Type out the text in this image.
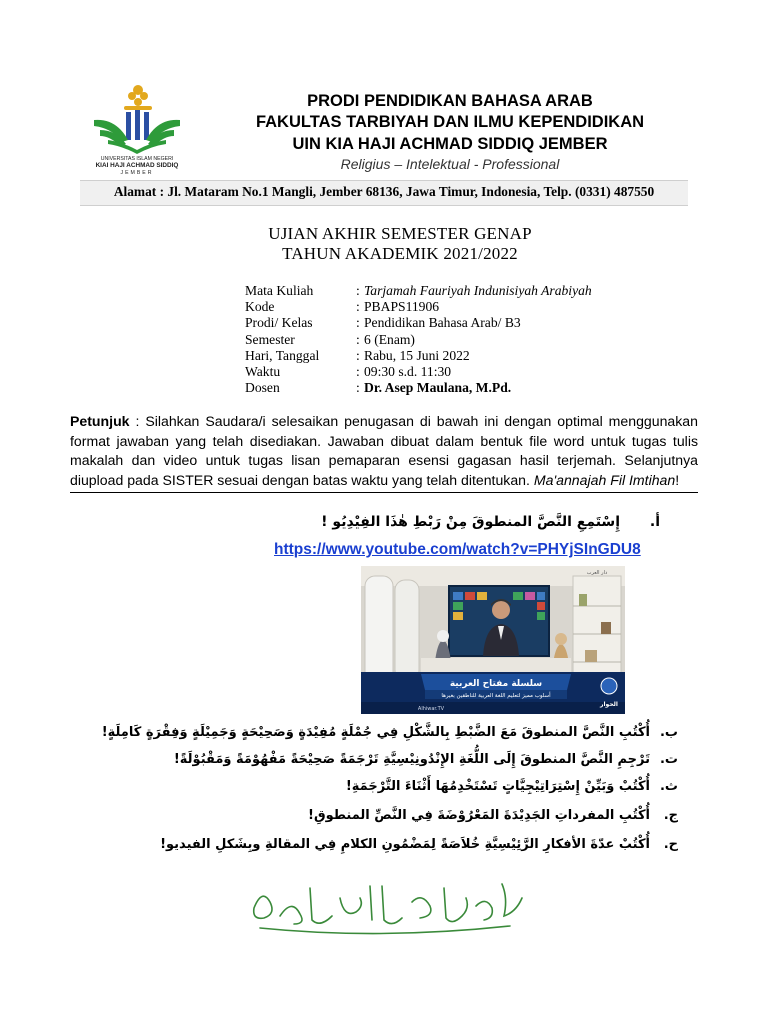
UNIVERSITAS ISLAM NEGERI
KIAI HAJI ACHMAD SIDDIQ
JEMBER
PRODI PENDIDIKAN BAHASA ARAB
FAKULTAS TARBIYAH DAN ILMU KEPENDIDIKAN
UIN KIA HAJI ACHMAD SIDDIQ JEMBER
Religius – Intelektual - Professional
Alamat : Jl. Mataram No.1 Mangli, Jember 68136, Jawa Timur, Indonesia, Telp. (0331) 487550
UJIAN AKHIR SEMESTER GENAP
TAHUN AKADEMIK 2021/2022
Mata Kuliah	: Tarjamah Fauriyah Indunisiyah Arabiyah
Kode	: PBAPS11906
Prodi/ Kelas	: Pendidikan Bahasa Arab/ B3
Semester	: 6 (Enam)
Hari, Tanggal	: Rabu, 15 Juni 2022
Waktu	: 09:30 s.d. 11:30
Dosen	: Dr. Asep Maulana, M.Pd.
Petunjuk : Silahkan Saudara/i selesaikan penugasan di bawah ini dengan optimal menggunakan format jawaban yang telah disediakan. Jawaban dibuat dalam bentuk file word untuk tugas tulis makalah dan video untuk tugas lisan pemaparan esensi gagasan hasil terjemah. Selanjutnya diupload pada SISTER sesuai dengan batas waktu yang telah ditentukan. Ma'annajah Fil Imtihan!
أ.
إِسْتَمِعِ النَّصَّ المنطوقَ مِنْ رَبْطِ هٰذَا الفِيْدِيُو !
https://www.youtube.com/watch?v=PHYjSInGDU8
دار العرب
سلسلة مفتاح العربية
أسلوب مميز لتعليم اللغة العربية للناطقين بغيرها
Alhiwar.TV
الحوار
ب.
أُكْتُبِ النَّصَّ المنطوقَ مَعَ الضَّبْطِ بِالشَّكْلِ فِي جُمْلَةٍ مُفِيْدَةٍ وَصَحِيْحَةٍ وَجَمِيْلَةٍ وَفِقْرَةٍ كَامِلَةٍ!
ت.
تَرْجِمِ النَّصَّ المنطوقَ إِلَى اللُّغَةِ الإِنْدُونِيْسِيَّةِ تَرْجَمَةً صَحِيْحَةً مَفْهُوْمَةً وَمَقْبُوْلَةً!
ث.
أُكْتُبْ وَبَيِّنْ إِسْتِرَاتِيْجِيَّاتٍ تَسْتَخْدِمُهَا أَثْنَاءَ التَّرْجَمَةِ!
ج.
أُكْتُبِ المفرداتِ الجَدِيْدَةَ المَعْرُوْضَةَ فِي النَّصِّ المنطوقِ!
ح.
أُكْتُبْ عدّةَ الأفكارِ الرَّئِيْسِيَّةِ خُلاَصَةً لِمَضْمُونِ الكلامِ فِي المقالةِ وبِشَكلِ الفيديو!
